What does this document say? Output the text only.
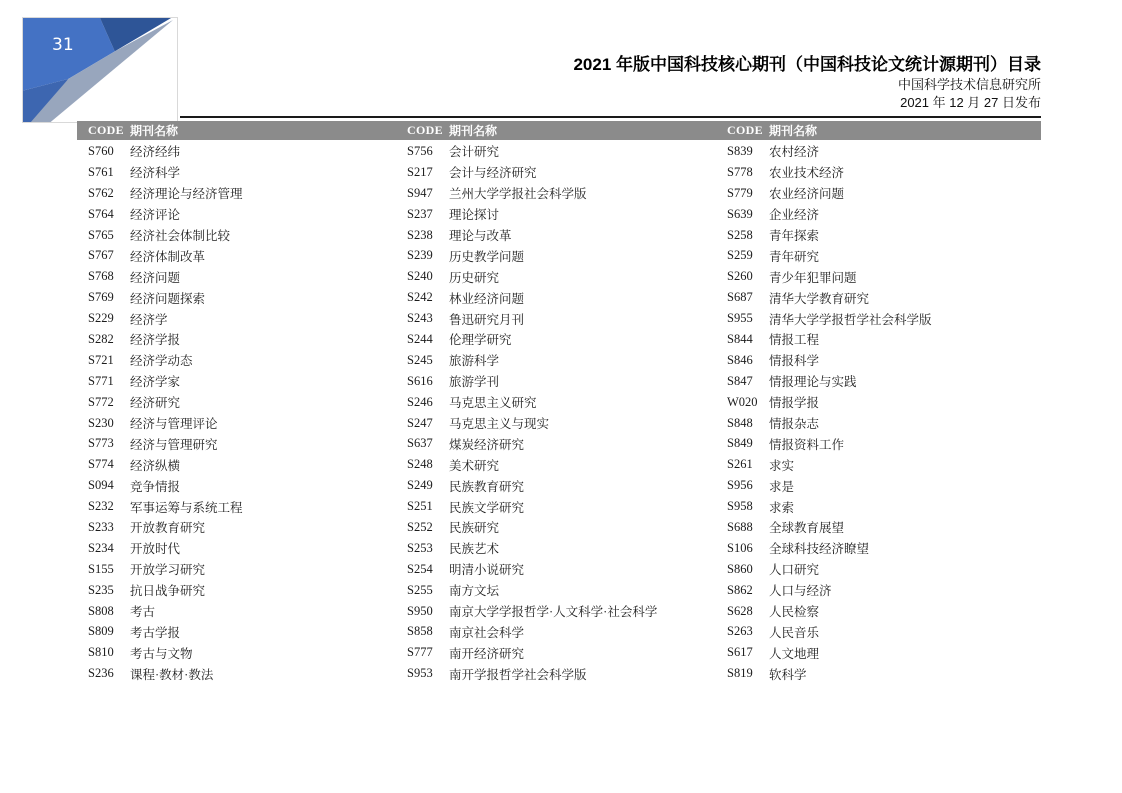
31
2021 年版中国科技核心期刊（中国科技论文统计源期刊）目录
中国科学技术信息研究所
2021 年 12 月 27 日发布
CODE 期刊名称	CODE 期刊名称	CODE 期刊名称
S760	经济经纬
S761	经济科学
S762	经济理论与经济管理
S764	经济评论
S765	经济社会体制比较
S767	经济体制改革
S768	经济问题
S769	经济问题探索
S229	经济学
S282	经济学报
S721	经济学动态
S771	经济学家
S772	经济研究
S230	经济与管理评论
S773	经济与管理研究
S774	经济纵横
S094	竞争情报
S232	军事运筹与系统工程
S233	开放教育研究
S234	开放时代
S155	开放学习研究
S235	抗日战争研究
S808	考古
S809	考古学报
S810	考古与文物
S236	课程·教材·教法
S756	会计研究
S217	会计与经济研究
S947	兰州大学学报社会科学版
S237	理论探讨
S238	理论与改革
S239	历史教学问题
S240	历史研究
S242	林业经济问题
S243	鲁迅研究月刊
S244	伦理学研究
S245	旅游科学
S616	旅游学刊
S246	马克思主义研究
S247	马克思主义与现实
S637	煤炭经济研究
S248	美术研究
S249	民族教育研究
S251	民族文学研究
S252	民族研究
S253	民族艺术
S254	明清小说研究
S255	南方文坛
S950	南京大学学报哲学·人文科学·社会科学
S858	南京社会科学
S777	南开经济研究
S953	南开学报哲学社会科学版
S839	农村经济
S778	农业技术经济
S779	农业经济问题
S639	企业经济
S258	青年探索
S259	青年研究
S260	青少年犯罪问题
S687	清华大学教育研究
S955	清华大学学报哲学社会科学版
S844	情报工程
S846	情报科学
S847	情报理论与实践
W020 情报学报
S848	情报杂志
S849	情报资料工作
S261	求实
S956	求是
S958	求索
S688	全球教育展望
S106	全球科技经济瞭望
S860	人口研究
S862	人口与经济
S628	人民检察
S263	人民音乐
S617	人文地理
S819	软科学
